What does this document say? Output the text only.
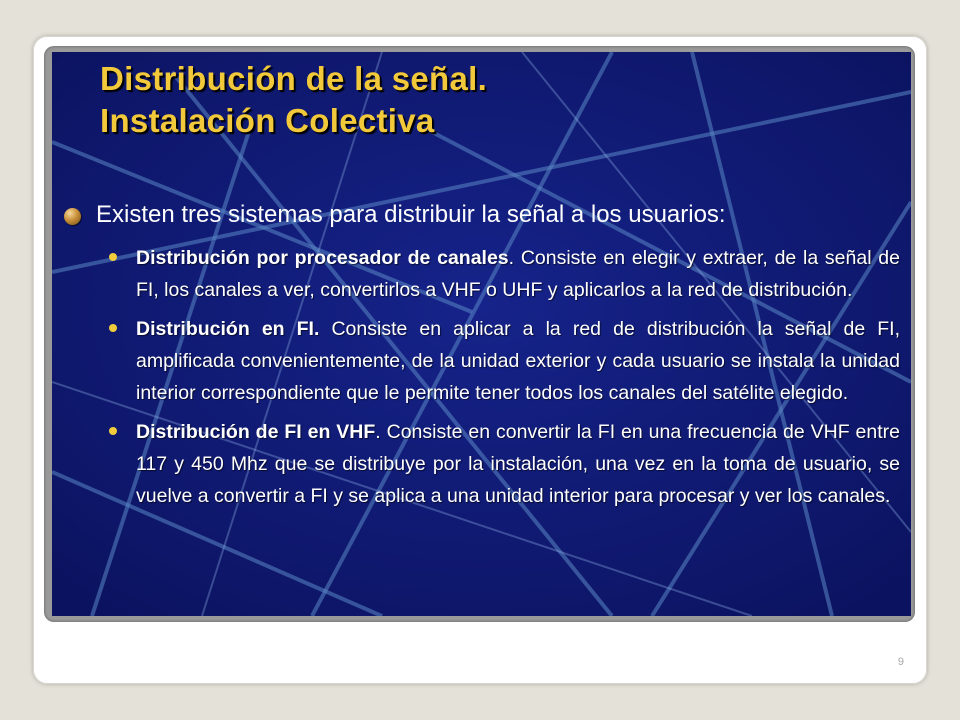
Distribución de la señal.
Instalación Colectiva
Existen tres sistemas para distribuir la señal a los usuarios:

Distribución por procesador de canales. Consiste en elegir y extraer, de la señal de FI, los canales a ver, convertirlos a VHF o UHF y aplicarlos a la red de distribución.

Distribución en FI. Consiste en aplicar a la red de distribución la señal de FI, amplificada convenientemente, de la unidad exterior y cada usuario se instala la unidad interior correspondiente que le permite tener todos los canales del satélite elegido.

Distribución de FI en VHF. Consiste en convertir la FI en una frecuencia de VHF entre 117 y 450 Mhz que se distribuye por la instalación, una vez en la toma de usuario, se vuelve a convertir a FI y se aplica a una unidad interior para procesar y ver los canales.

9
